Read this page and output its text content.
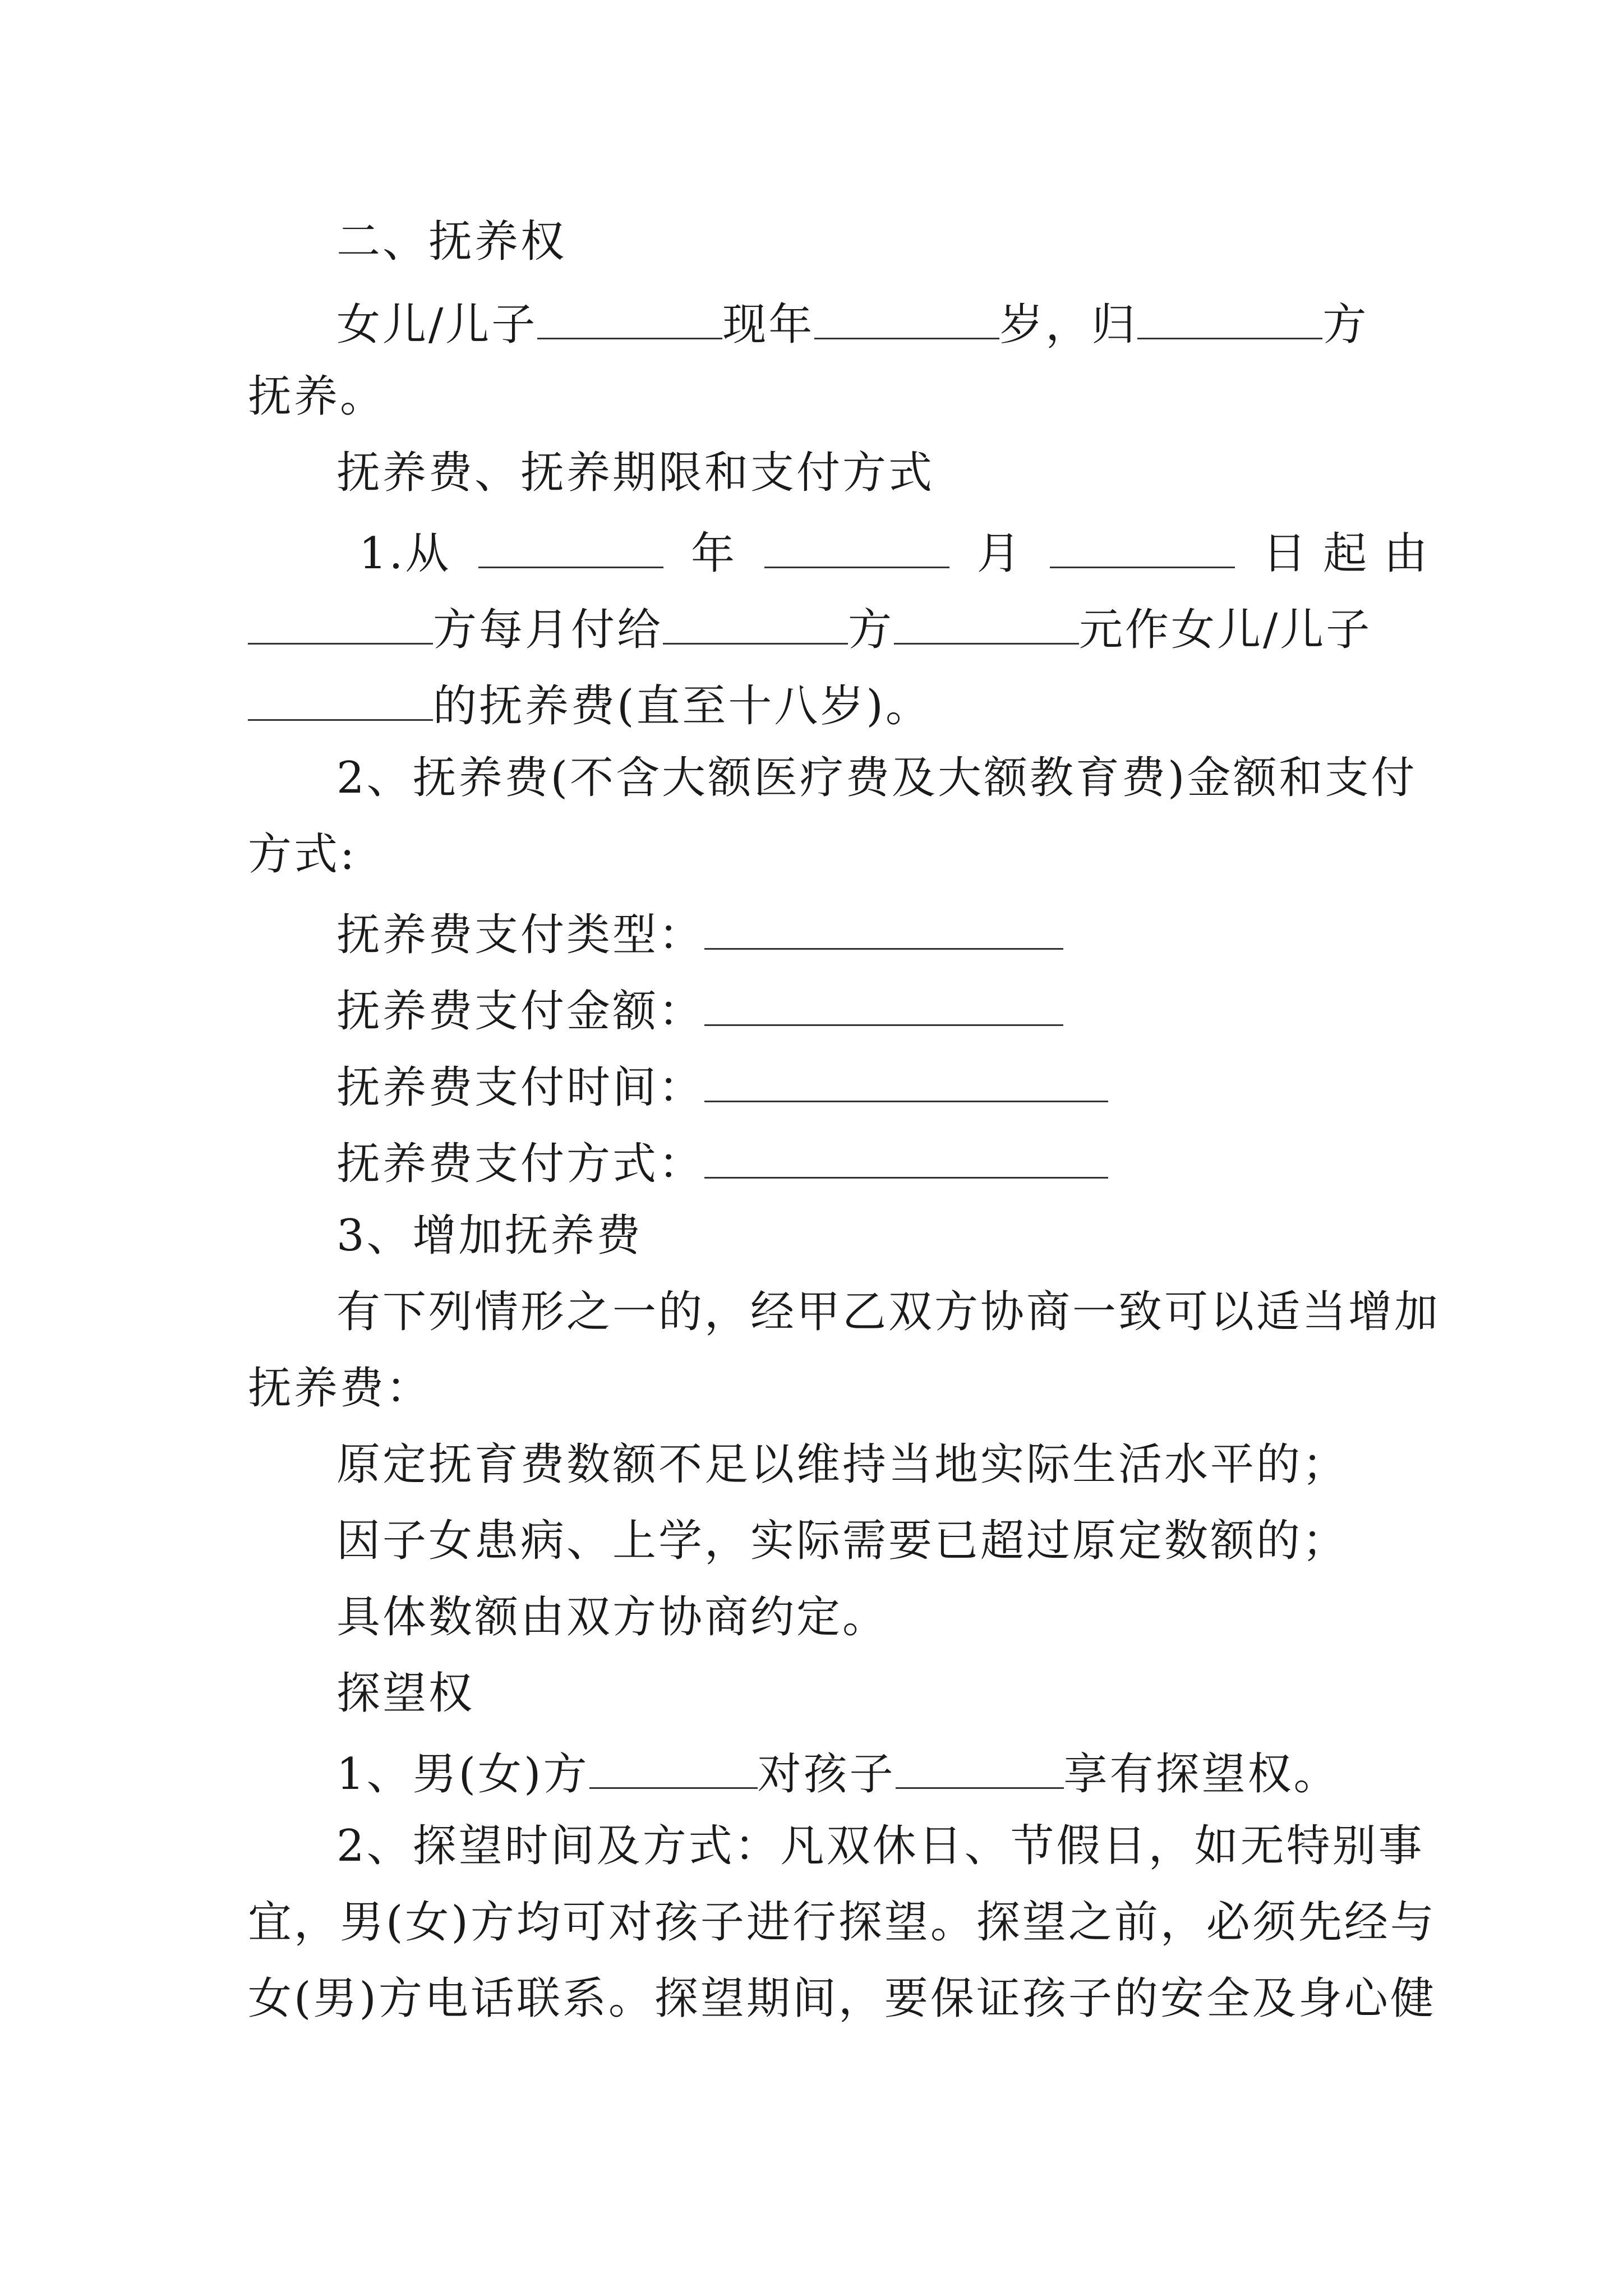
二、抚养权
女儿/儿子	现年	岁，归	方
抚养。
抚养费、抚养期限和支付方式
1.从	年	月	日起由
方每月付给	方	元作女儿/儿子
的抚养费(直至十八岁)。
2、抚养费(不含大额医疗费及大额教育费)金额和支付
方式:
抚养费支付类型：
抚养费支付金额：
抚养费支付时间：
抚养费支付方式：
3、增加抚养费
有下列情形之一的，经甲乙双方协商一致可以适当增加
抚养费：
原定抚育费数额不足以维持当地实际生活水平的；
因子女患病、上学，实际需要已超过原定数额的；
具体数额由双方协商约定。
探望权
1、男(女)方	对孩子	享有探望权。
2、探望时间及方式：凡双休日、节假日，如无特别事
宜，男(女)方均可对孩子进行探望。探望之前，必须先经与
女(男)方电话联系。探望期间，要保证孩子的安全及身心健
